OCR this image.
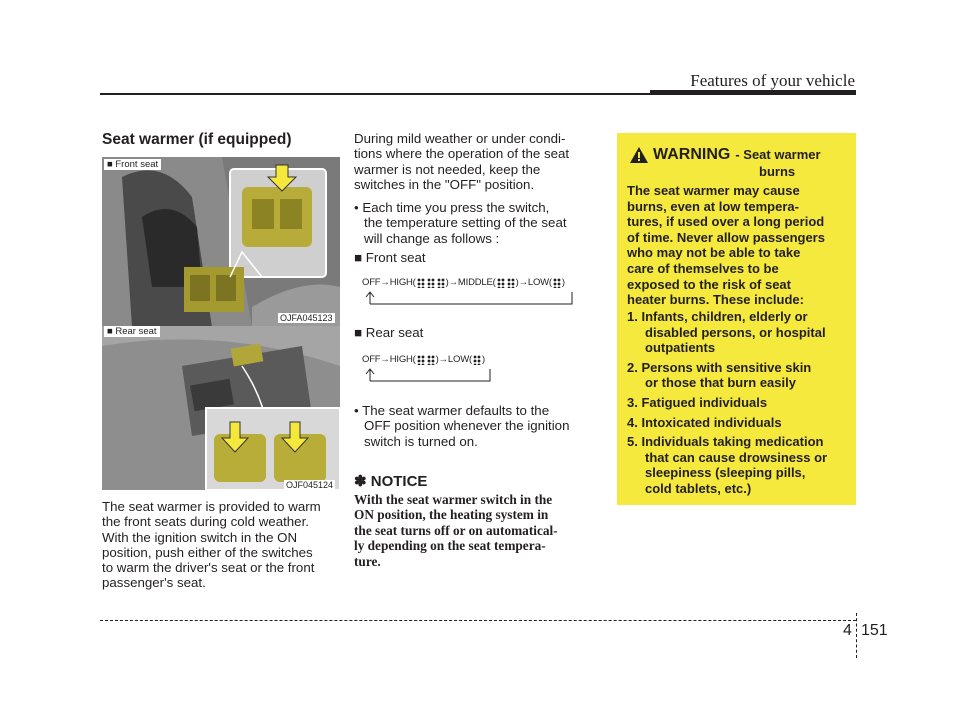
Features of your vehicle
Seat warmer (if equipped)
■ Front seat
OJFA045123
■ Rear seat
OJF045124
The seat warmer is provided to warm
the front seats during cold weather.
With the ignition switch in the ON
position, push either of the switches
to warm the driver's seat or the front
passenger's seat.
During mild weather or under condi-
tions where the operation of the seat
warmer is not needed, keep the
switches in the "OFF" position.
• Each time you press the switch,
the temperature setting of the seat
will change as follows :
■ Front seat
OFF → HIGH(	) → MIDDLE( ) → LOW( )
■ Rear seat
OFF → HIGH( ) → LOW( )
• The seat warmer defaults to the
OFF position whenever the ignition
switch is turned on.
✽ NOTICE
With the seat warmer switch in the
ON position, the heating system in
the seat turns off or on automatical-
ly depending on the seat tempera-
ture.
WARNING - Seat warmer
burns
The seat warmer may cause
burns, even at low tempera-
tures, if used over a long period
of time. Never allow passengers
who may not be able to take
care of themselves to be
exposed to the risk of seat
heater burns. These include:
1. Infants, children, elderly or
disabled persons, or hospital
outpatients
2. Persons with sensitive skin
or those that burn easily
3. Fatigued individuals
4. Intoxicated individuals
5. Individuals taking medication
that can cause drowsiness or
sleepiness (sleeping pills,
cold tablets, etc.)
4 151
